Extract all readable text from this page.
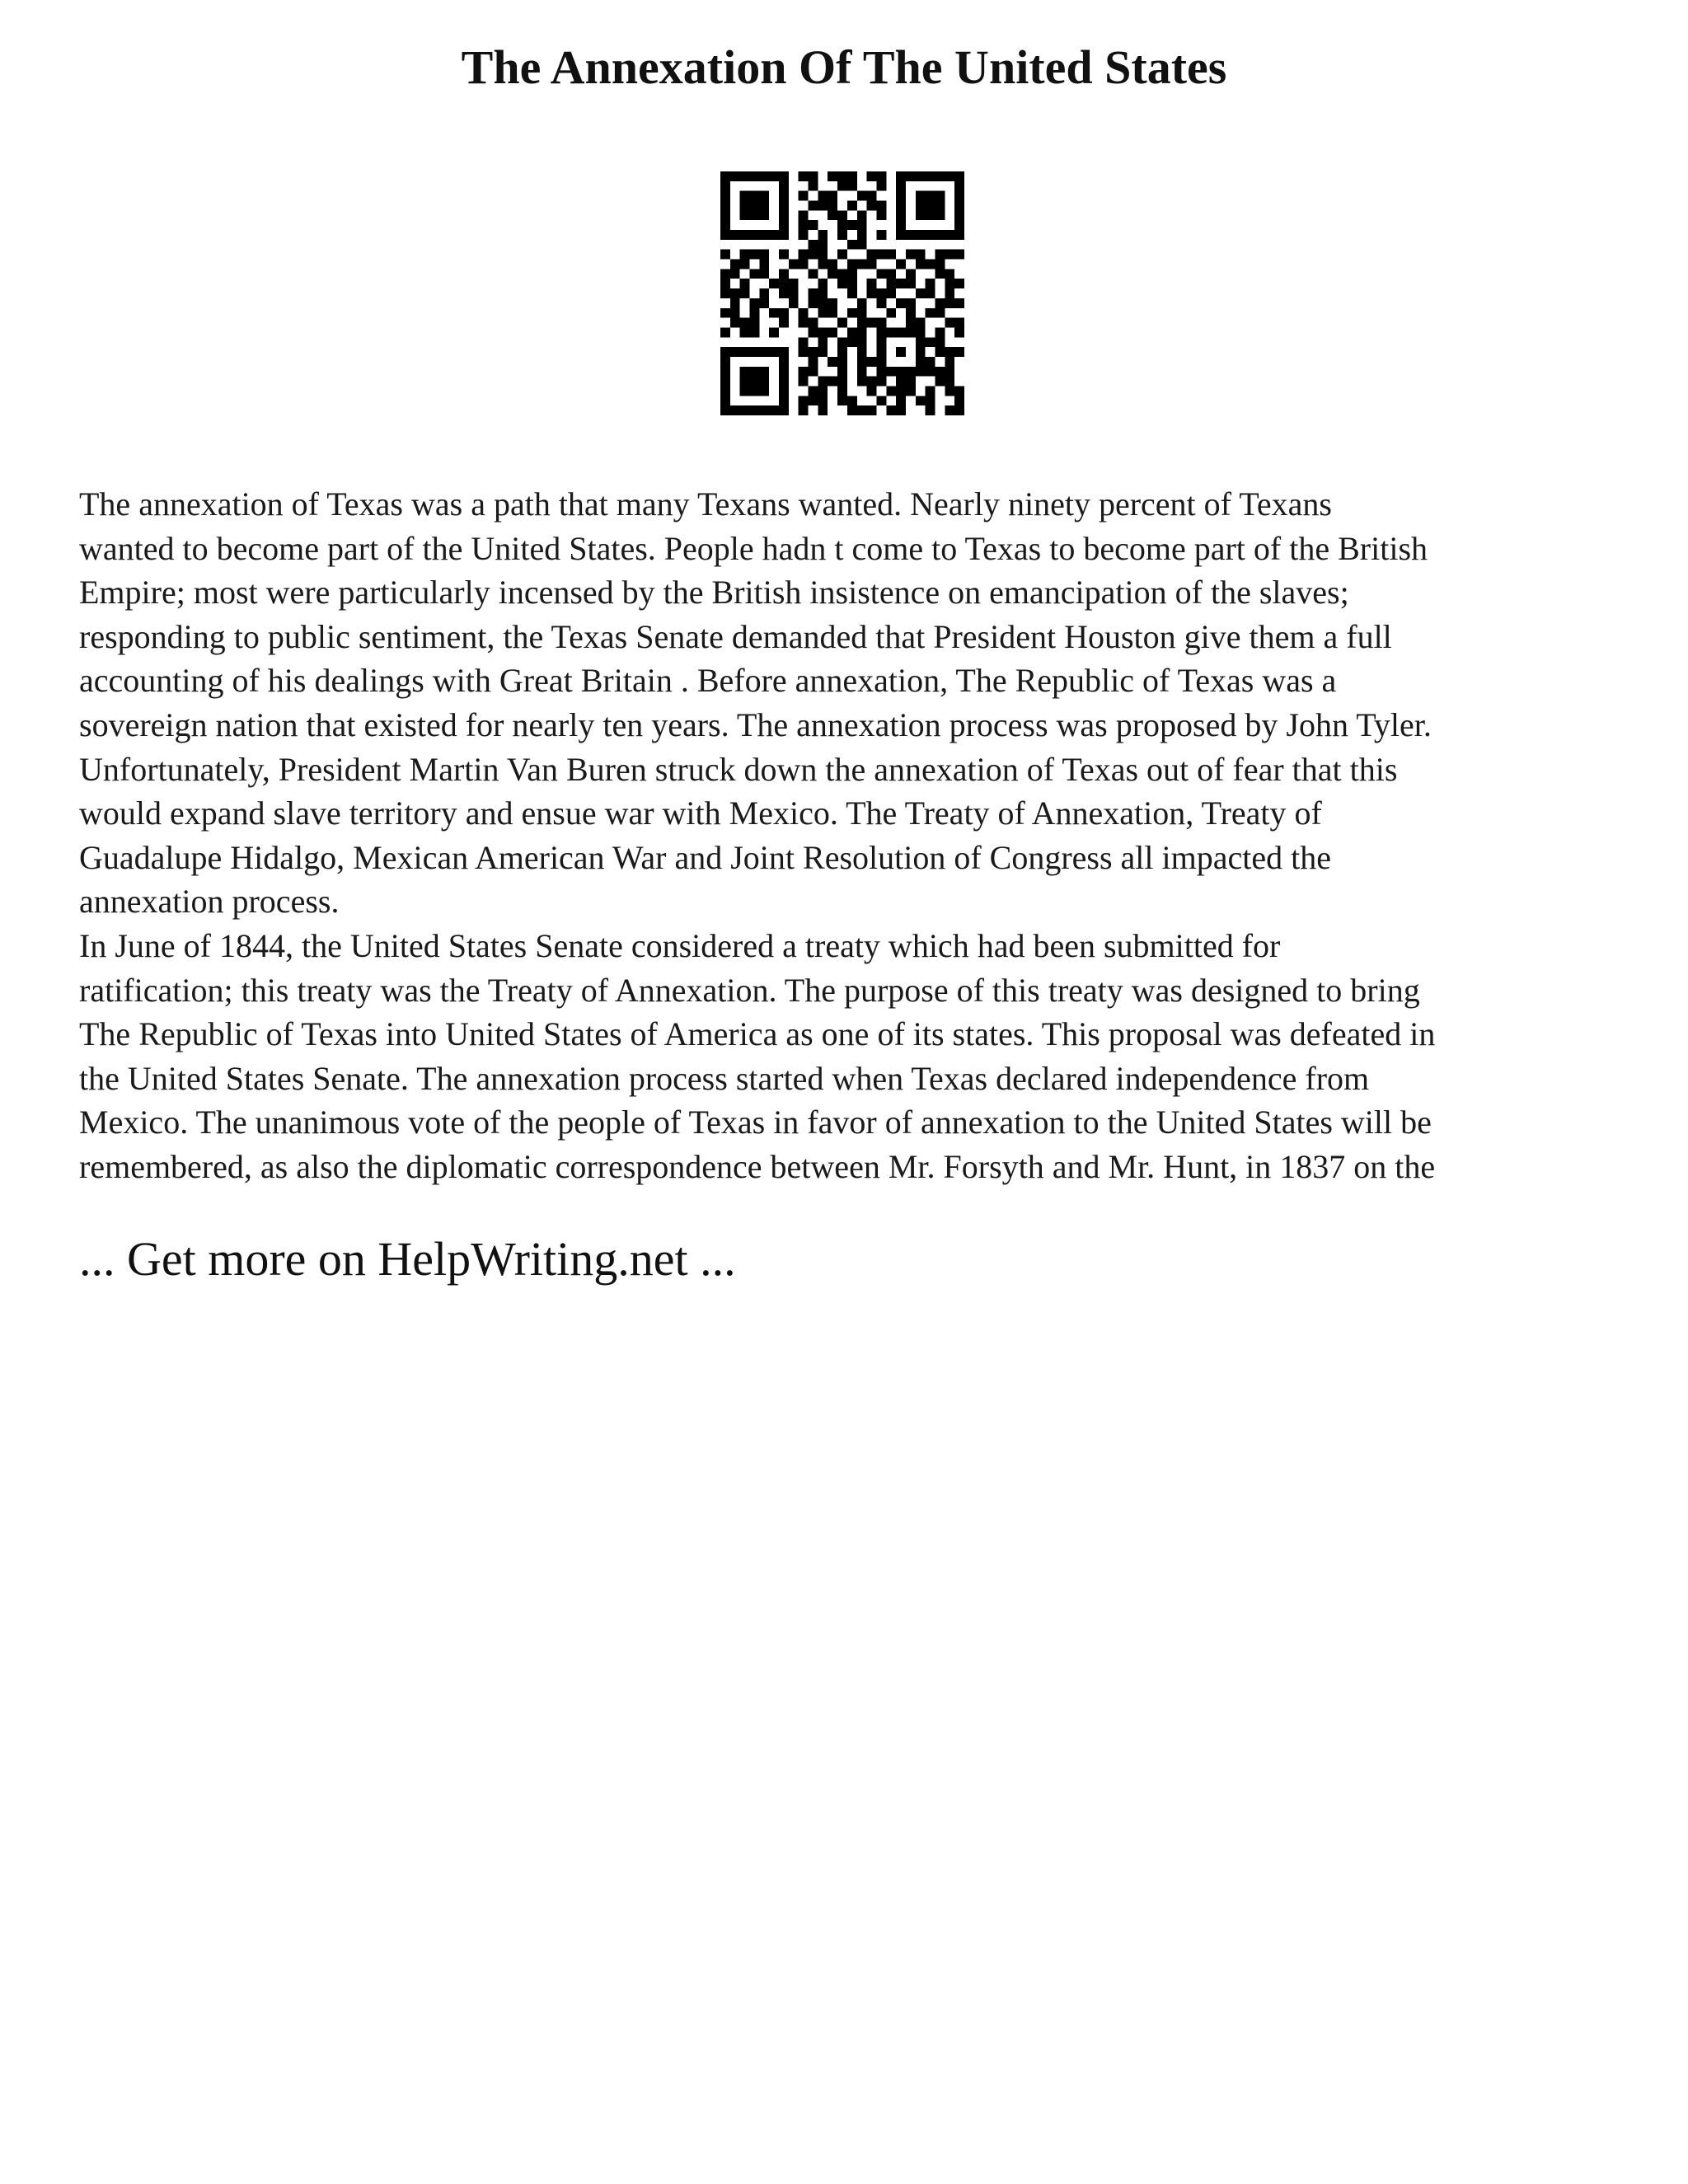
The Annexation Of The United States
The annexation of Texas was a path that many Texans wanted. Nearly ninety percent of Texans
wanted to become part of the United States. People hadn t come to Texas to become part of the British
Empire; most were particularly incensed by the British insistence on emancipation of the slaves;
responding to public sentiment, the Texas Senate demanded that President Houston give them a full
accounting of his dealings with Great Britain . Before annexation, The Republic of Texas was a
sovereign nation that existed for nearly ten years. The annexation process was proposed by John Tyler.
Unfortunately, President Martin Van Buren struck down the annexation of Texas out of fear that this
would expand slave territory and ensue war with Mexico. The Treaty of Annexation, Treaty of
Guadalupe Hidalgo, Mexican American War and Joint Resolution of Congress all impacted the
annexation process.
In June of 1844, the United States Senate considered a treaty which had been submitted for
ratification; this treaty was the Treaty of Annexation. The purpose of this treaty was designed to bring
The Republic of Texas into United States of America as one of its states. This proposal was defeated in
the United States Senate. The annexation process started when Texas declared independence from
Mexico. The unanimous vote of the people of Texas in favor of annexation to the United States will be
remembered, as also the diplomatic correspondence between Mr. Forsyth and Mr. Hunt, in 1837 on the

... Get more on HelpWriting.net ...
